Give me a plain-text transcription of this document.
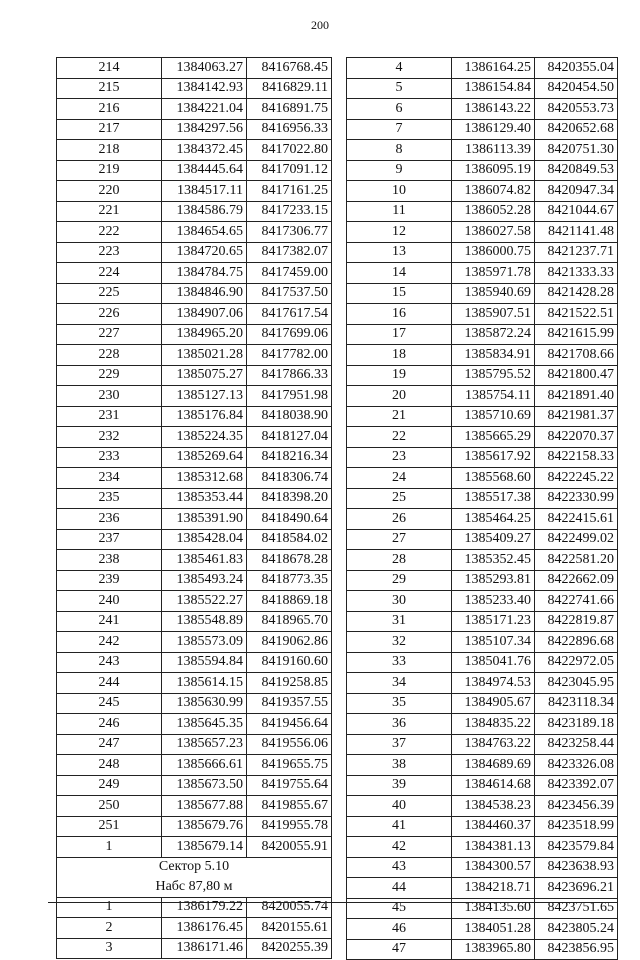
200
214	1384063.27	8416768.45
215	1384142.93	8416829.11
216	1384221.04	8416891.75
217	1384297.56	8416956.33
218	1384372.45	8417022.80
219	1384445.64	8417091.12
220	1384517.11	8417161.25
221	1384586.79	8417233.15
222	1384654.65	8417306.77
223	1384720.65	8417382.07
224	1384784.75	8417459.00
225	1384846.90	8417537.50
226	1384907.06	8417617.54
227	1384965.20	8417699.06
228	1385021.28	8417782.00
229	1385075.27	8417866.33
230	1385127.13	8417951.98
231	1385176.84	8418038.90
232	1385224.35	8418127.04
233	1385269.64	8418216.34
234	1385312.68	8418306.74
235	1385353.44	8418398.20
236	1385391.90	8418490.64
237	1385428.04	8418584.02
238	1385461.83	8418678.28
239	1385493.24	8418773.35
240	1385522.27	8418869.18
241	1385548.89	8418965.70
242	1385573.09	8419062.86
243	1385594.84	8419160.60
244	1385614.15	8419258.85
245	1385630.99	8419357.55
246	1385645.35	8419456.64
247	1385657.23	8419556.06
248	1385666.61	8419655.75
249	1385673.50	8419755.64
250	1385677.88	8419855.67
251	1385679.76	8419955.78
1	1385679.14	8420055.91
Сектор 5.10		
Набс 87,80 м		
1	1386179.22	8420055.74
2	1386176.45	8420155.61
3	1386171.46	8420255.39
4	1386164.25	8420355.04
5	1386154.84	8420454.50
6	1386143.22	8420553.73
7	1386129.40	8420652.68
8	1386113.39	8420751.30
9	1386095.19	8420849.53
10	1386074.82	8420947.34
11	1386052.28	8421044.67
12	1386027.58	8421141.48
13	1386000.75	8421237.71
14	1385971.78	8421333.33
15	1385940.69	8421428.28
16	1385907.51	8421522.51
17	1385872.24	8421615.99
18	1385834.91	8421708.66
19	1385795.52	8421800.47
20	1385754.11	8421891.40
21	1385710.69	8421981.37
22	1385665.29	8422070.37
23	1385617.92	8422158.33
24	1385568.60	8422245.22
25	1385517.38	8422330.99
26	1385464.25	8422415.61
27	1385409.27	8422499.02
28	1385352.45	8422581.20
29	1385293.81	8422662.09
30	1385233.40	8422741.66
31	1385171.23	8422819.87
32	1385107.34	8422896.68
33	1385041.76	8422972.05
34	1384974.53	8423045.95
35	1384905.67	8423118.34
36	1384835.22	8423189.18
37	1384763.22	8423258.44
38	1384689.69	8423326.08
39	1384614.68	8423392.07
40	1384538.23	8423456.39
41	1384460.37	8423518.99
42	1384381.13	8423579.84
43	1384300.57	8423638.93
44	1384218.71	8423696.21
45	1384135.60	8423751.65
46	1384051.28	8423805.24
47	1383965.80	8423856.95
